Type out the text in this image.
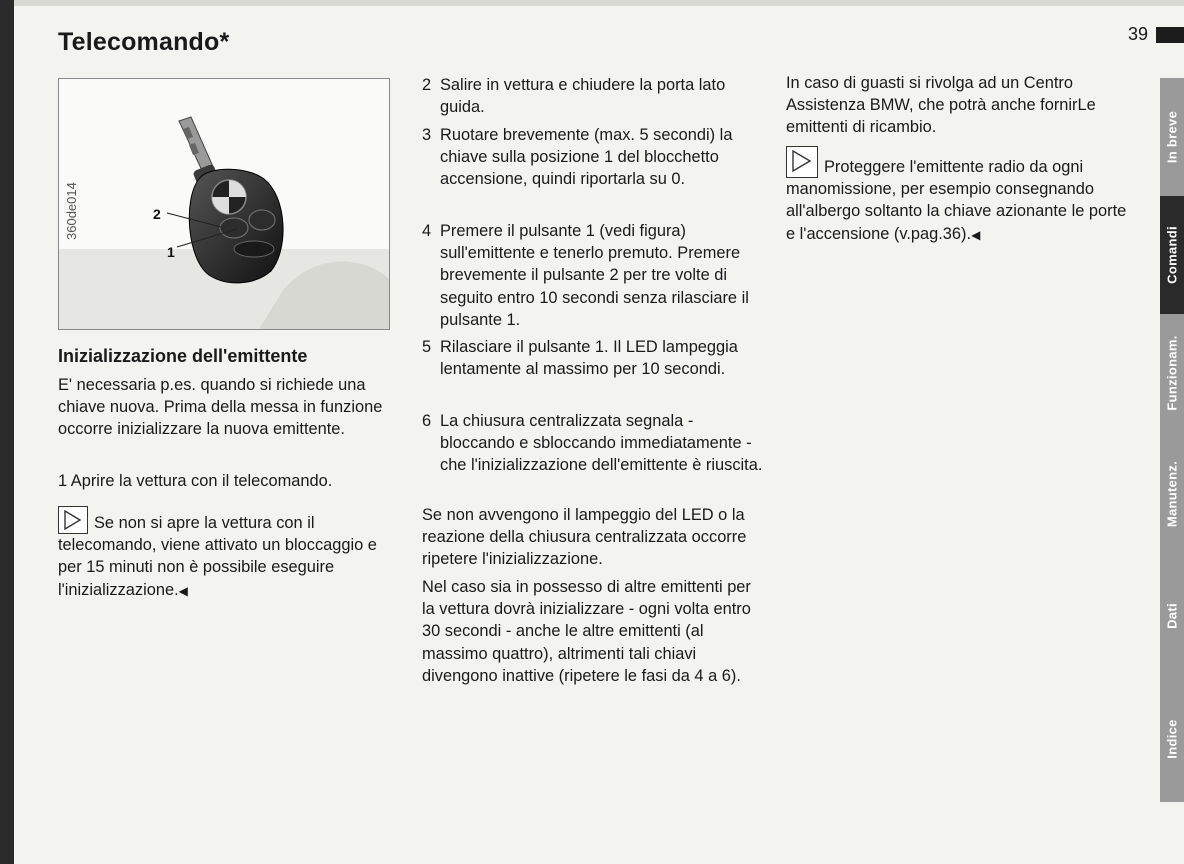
Telecomando*	39
2
1
360de014
Inizializzazione dell'emittente
E' necessaria p.es. quando si richiede una chiave nuova. Prima della messa in funzione occorre inizializzare la nuova emittente.
1 Aprire la vettura con il telecomando.
Se non si apre la vettura con il telecomando, viene attivato un bloccaggio e per 15 minuti non è possibile eseguire l'inizializzazione.◀
2 Salire in vettura e chiudere la porta lato guida.
3 Ruotare brevemente (max. 5 secondi) la chiave sulla posizione 1 del blocchetto accensione, quindi riportarla su 0.
4 Premere il pulsante 1 (vedi figura) sull'emittente e tenerlo premuto. Premere brevemente il pulsante 2 per tre volte di seguito entro 10 secondi senza rilasciare il pulsante 1.
5 Rilasciare il pulsante 1. Il LED lampeggia lentamente al massimo per 10 secondi.
6 La chiusura centralizzata segnala - bloccando e sbloccando immediatamente - che l'inizializzazione dell'emittente è riuscita.
Se non avvengono il lampeggio del LED o la reazione della chiusura centralizzata occorre ripetere l'inizializzazione.
Nel caso sia in possesso di altre emittenti per la vettura dovrà inizializzare - ogni volta entro 30 secondi - anche le altre emittenti (al massimo quattro), altrimenti tali chiavi divengono inattive (ripetere le fasi da 4 a 6).
In caso di guasti si rivolga ad un Centro Assistenza BMW, che potrà anche fornirLe emittenti di ricambio.
Proteggere l'emittente radio da ogni manomissione, per esempio consegnando all'albergo soltanto la chiave azionante le porte e l'accensione (v.pag.36).◀
In breve
Comandi
Funzionam.
Manutenz.
Dati
Indice
